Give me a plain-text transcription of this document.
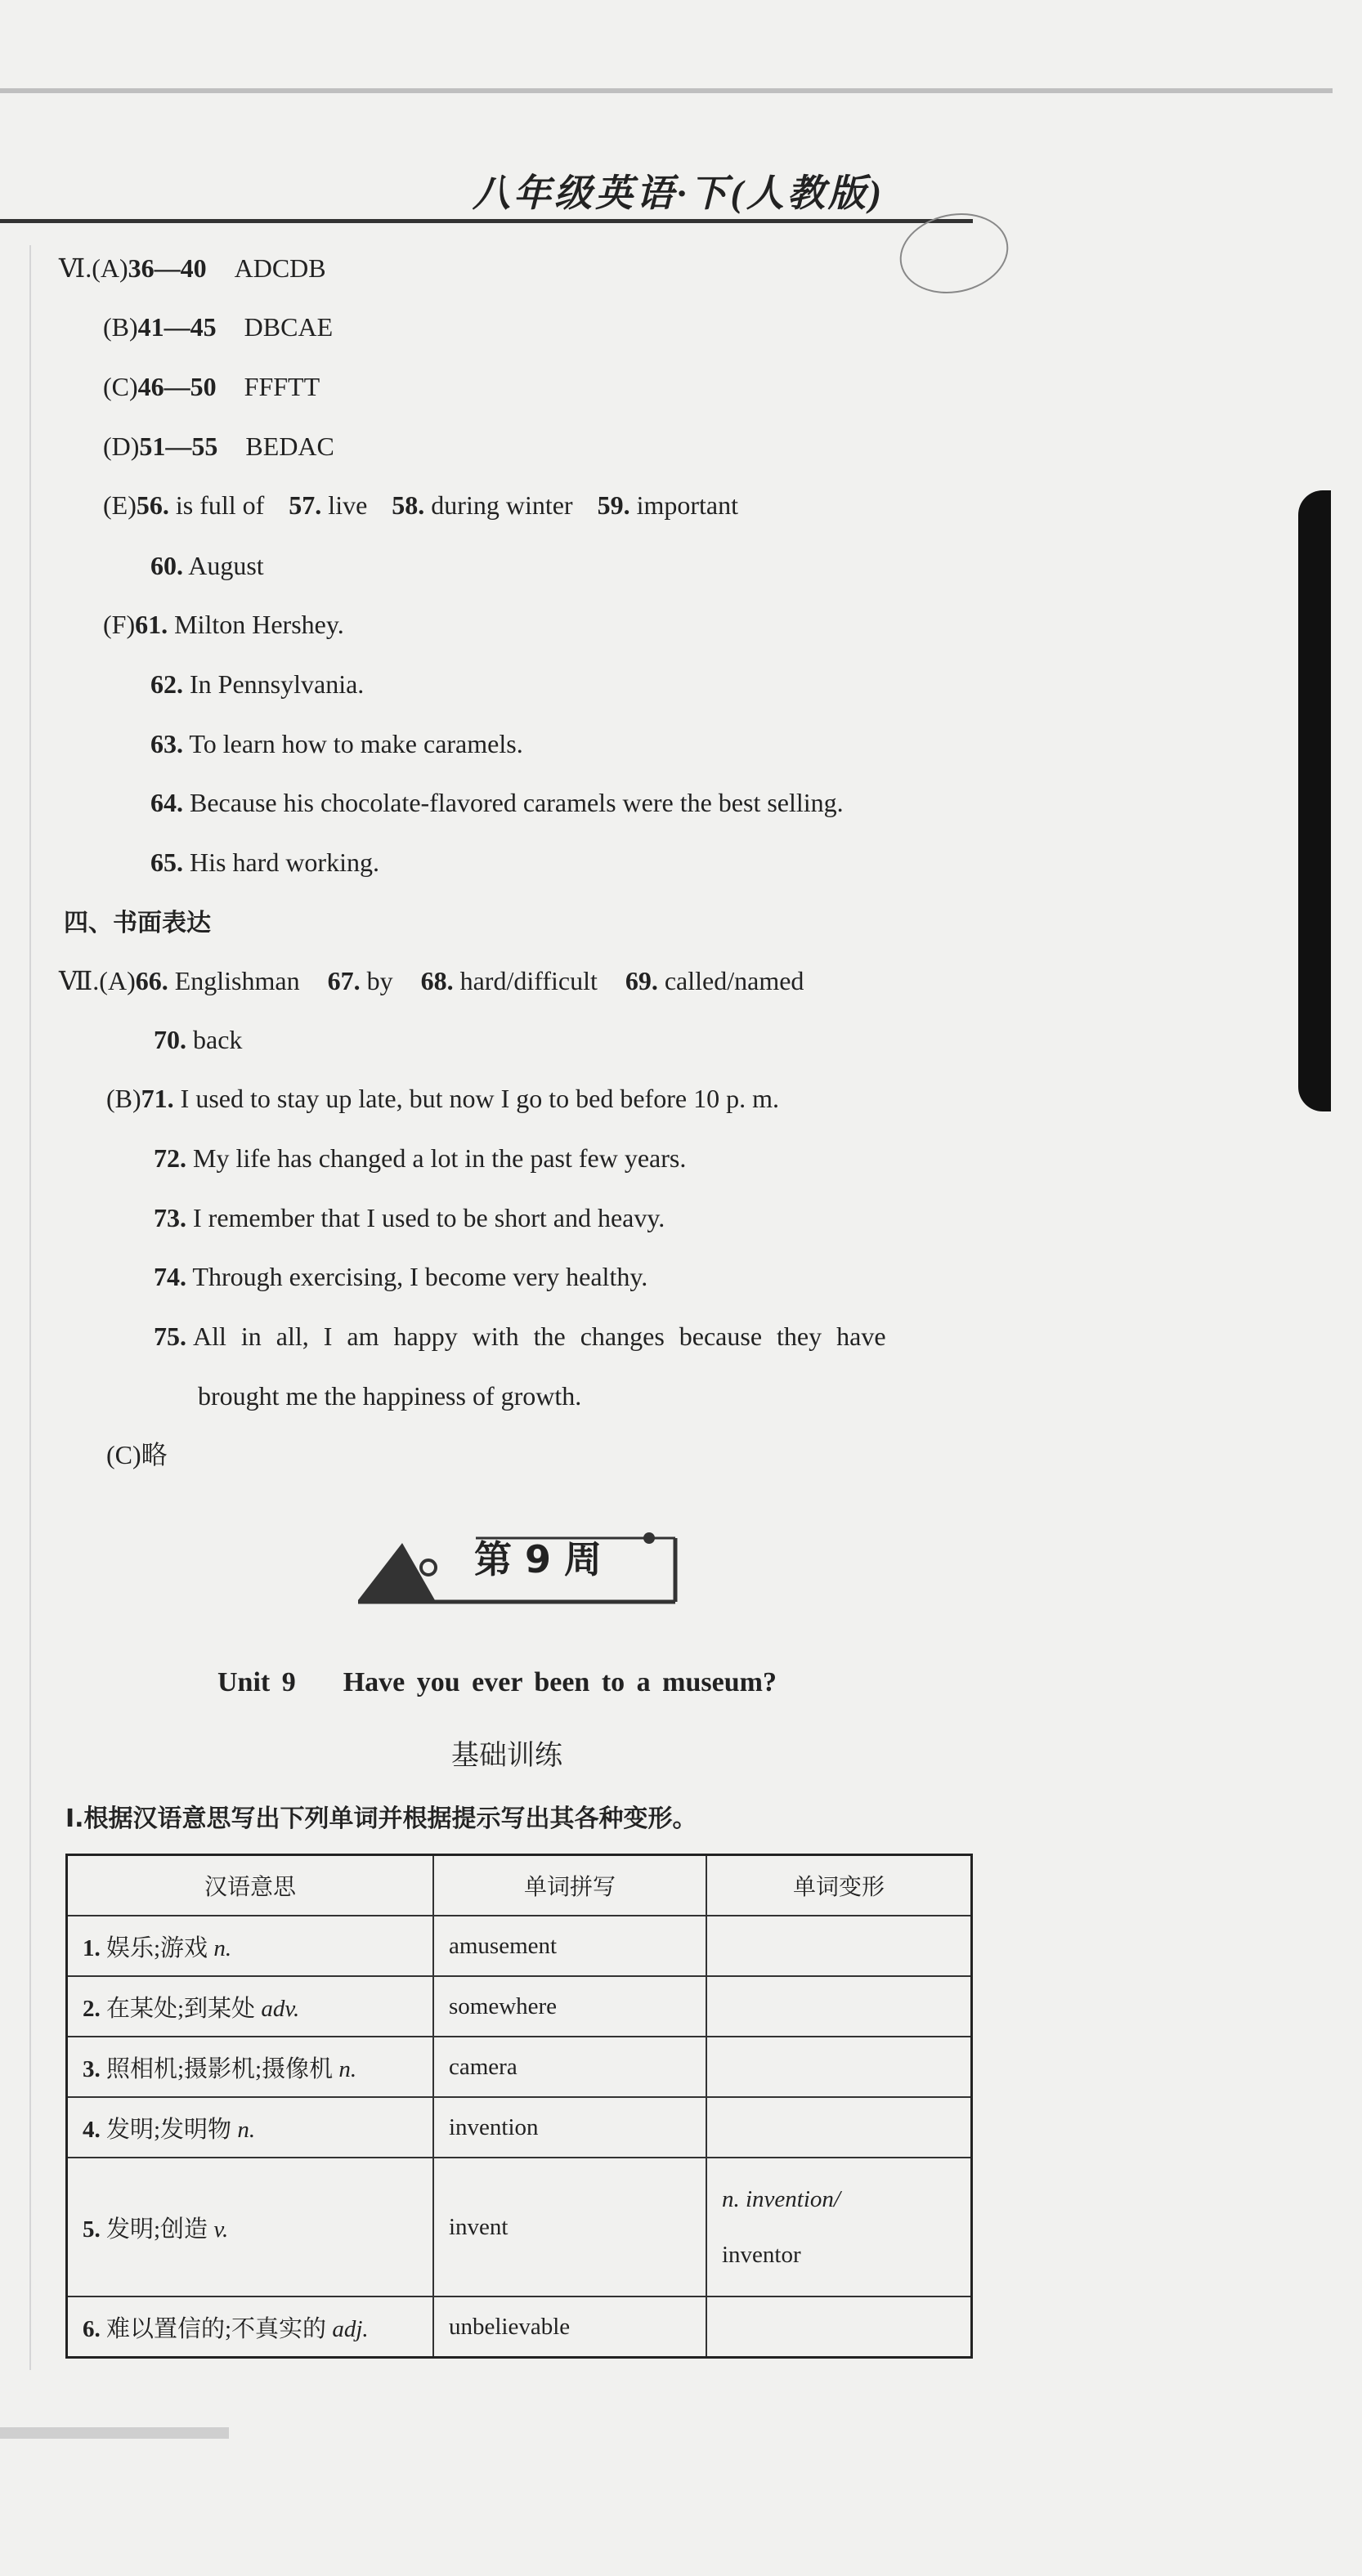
八年级英语·下(人教版)
Ⅵ.(A)36—40 ADCDB
(B)41—45 DBCAE
(C)46—50 FFFTT
(D)51—55 BEDAC
(E)56. is full of 57. live 58. during winter 59. important
60. August
(F)61. Milton Hershey.
62. In Pennsylvania.
63. To learn how to make caramels.
64. Because his chocolate-flavored caramels were the best selling.
65. His hard working.
四、书面表达
Ⅶ.(A)66. Englishman 67. by 68. hard/difficult 69. called/named
70. back
(B)71. I used to stay up late, but now I go to bed before 10 p. m.
72. My life has changed a lot in the past few years.
73. I remember that I used to be short and heavy.
74. Through exercising, I become very healthy.
75. All in all, I am happy with the changes because they have
brought me the happiness of growth.
(C)略
第 9 周
Unit 9    Have you ever been to a museum?
基础训练
Ⅰ.根据汉语意思写出下列单词并根据提示写出其各种变形。
汉语意思	单词拼写	单词变形
1. 娱乐;游戏 n.	amusement	
2. 在某处;到某处 adv.	somewhere	
3. 照相机;摄影机;摄像机 n.	camera	
4. 发明;发明物 n.	invention	
5. 发明;创造 v.	invent	n. invention/
inventor
6. 难以置信的;不真实的 adj.	unbelievable	
